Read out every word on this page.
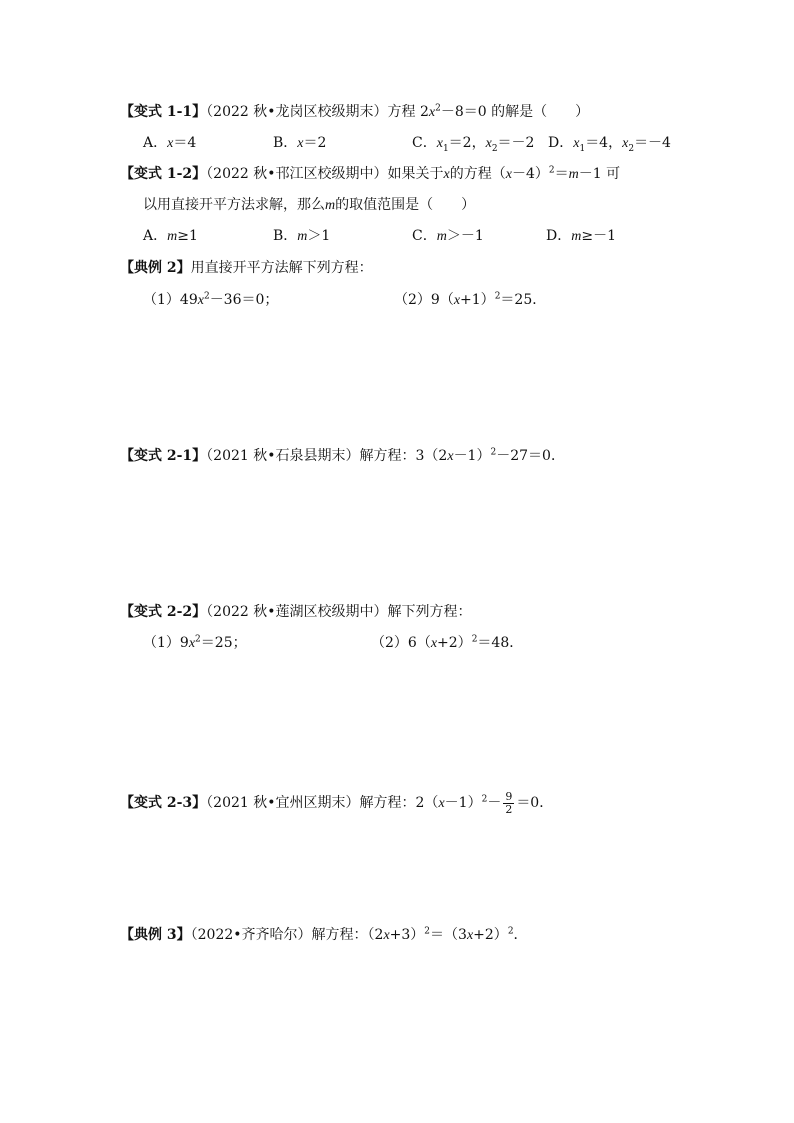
【变式 1-1】（2022 秋•龙岗区校级期末）方程 $2x^2-8=0$ 的解是（　　）
A．x＝4	B．x＝2	C．$x_1=2$，$x_2=-2$ D．$x_1=4$，$x_2=-4$
【变式 1-2】（2022 秋•邗江区校级期中）如果关于x的方程$(x-4)^2=m-1$ 可
以用直接开平方法求解，那么m的取值范围是（　　）
A．m≥1	B．m＞1	C．m＞－1	D．m≥－1
【典例 2】用直接开平方法解下列方程：
$(1)49x^2-36=0$；	$(2)9(x+1)^2=25$．
【变式 2-1】（2021 秋•石泉县期末）解方程：$3(2x-1)^2-27=0$．
【变式 2-2】（2022 秋•莲湖区校级期中）解下列方程：
$(1)9x^2=25$；	$(2)6(x+2)^2=48$．
【变式 2-3】（2021 秋•宜州区期末）解方程：$2(x-1)^2- \frac{9}{2} =0$．
【典例 3】（2022•齐齐哈尔）解方程：$(2x+3)^2=(3x+2)^2$．
